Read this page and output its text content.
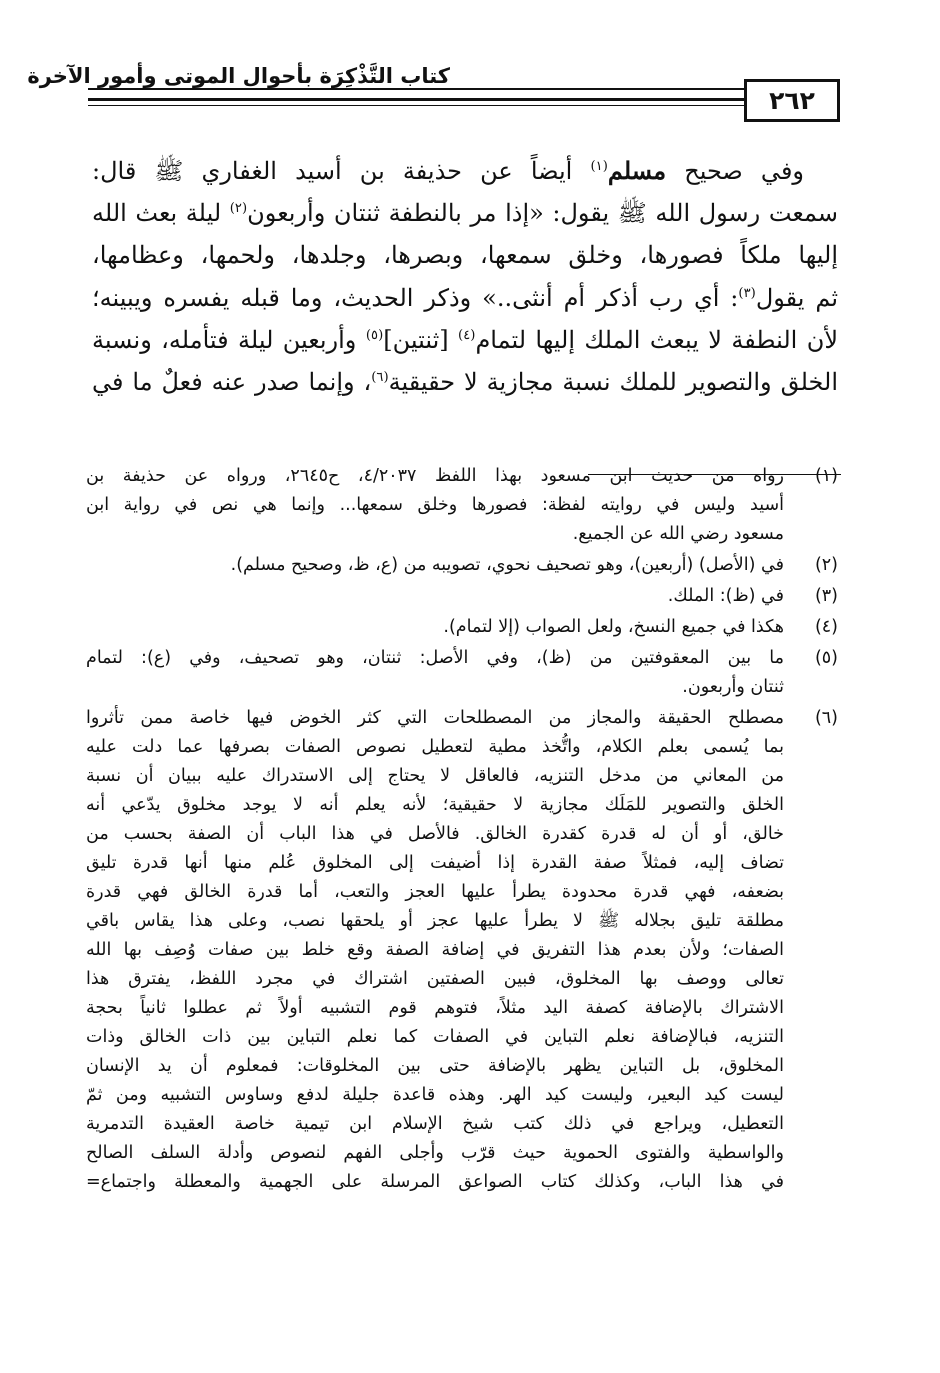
كتاب التَّذْكِرَة بأحوال الموتى وأمور الآخرة
٢٦٢

وفي صحيح مسلم$^{(١)}$ أيضاً عن حذيفة بن أسيد الغفاري ﷺ قال:

سمعت رسول الله ﷺ يقول: «إذا مر بالنطفة ثنتان وأربعون$^{(٢)}$ ليلة بعث الله

إليها ملكاً فصورها، وخلق سمعها، وبصرها، وجلدها، ولحمها، وعظامها،

ثم يقول$^{(٣)}$: أي رب أذكر أم أنثى..» وذكر الحديث، وما قبله يفسره ويبينه؛

لأن النطفة لا يبعث الملك إليها لتمام$^{(٤)}$ [ثنتين]$^{(٥)}$ وأربعين ليلة فتأمله، ونسبة

الخلق والتصوير للملك نسبة مجازية لا حقيقية$^{(٦)}$، وإنما صدر عنه فعلٌ ما في

(١)
رواه من حديث ابن مسعود بهذا اللفظ ٤/٢٠٣٧، ح٢٦٤٥، ورواه عن حذيفة بن
أسيد وليس في روايته لفظة: فصورها وخلق سمعها... وإنما هي نص في رواية ابن
مسعود رضي الله عن الجميع.
(٢)
في (الأصل) (أربعين)، وهو تصحيف نحوي، تصويبه من (ع، ظ، وصحيح مسلم).
(٣)
في (ظ): الملك.
(٤)
هكذا في جميع النسخ، ولعل الصواب (إلا لتمام).
(٥)
ما بين المعقوفتين من (ظ)، وفي الأصل: ثنتان، وهو تصحيف، وفي (ع): لتمام
ثنتان وأربعون.
(٦)
مصطلح الحقيقة والمجاز من المصطلحات التي كثر الخوض فيها خاصة ممن تأثروا
بما يُسمى بعلم الكلام، واتُّخذ مطية لتعطيل نصوص الصفات بصرفها عما دلت عليه
من المعاني من مدخل التنزيه، فالعاقل لا يحتاج إلى الاستدراك عليه ببيان أن نسبة
الخلق والتصوير للمَلَك مجازية لا حقيقية؛ لأنه يعلم أنه لا يوجد مخلوق يدّعي أنه
خالق، أو أن له قدرة كقدرة الخالق. فالأصل في هذا الباب أن الصفة بحسب من
تضاف إليه، فمثلاً صفة القدرة إذا أضيفت إلى المخلوق عُلم منها أنها قدرة تليق
بضعفه، فهي قدرة محدودة يطرأ عليها العجز والتعب، أما قدرة الخالق فهي قدرة
مطلقة تليق بجلاله ﷺ لا يطرأ عليها عجز أو يلحقها نصب، وعلى هذا يقاس باقي
الصفات؛ ولأن بعدم هذا التفريق في إضافة الصفة وقع خلط بين صفات وُصِف بها الله
تعالى ووصف بها المخلوق، فبين الصفتين اشتراك في مجرد اللفظ، يفترق هذا
الاشتراك بالإضافة كصفة اليد مثلاً، فتوهم قوم التشبيه أولاً ثم عطلوا ثانياً بحجة
التنزيه، فبالإضافة نعلم التباين في الصفات كما نعلم التباين بين ذات الخالق وذات
المخلوق، بل التباين يظهر بالإضافة حتى بين المخلوقات: فمعلوم أن يد الإنسان
ليست كيد البعير، وليست كيد الهر. وهذه قاعدة جليلة لدفع وساوس التشبيه ومن ثمّ
التعطيل، ويراجع في ذلك كتب شيخ الإسلام ابن تيمية خاصة العقيدة التدمرية
والواسطية والفتوى الحموية حيث قرّب وأجلى الفهم لنصوص وأدلة السلف الصالح
في هذا الباب، وكذلك كتاب الصواعق المرسلة على الجهمية والمعطلة واجتماع=
